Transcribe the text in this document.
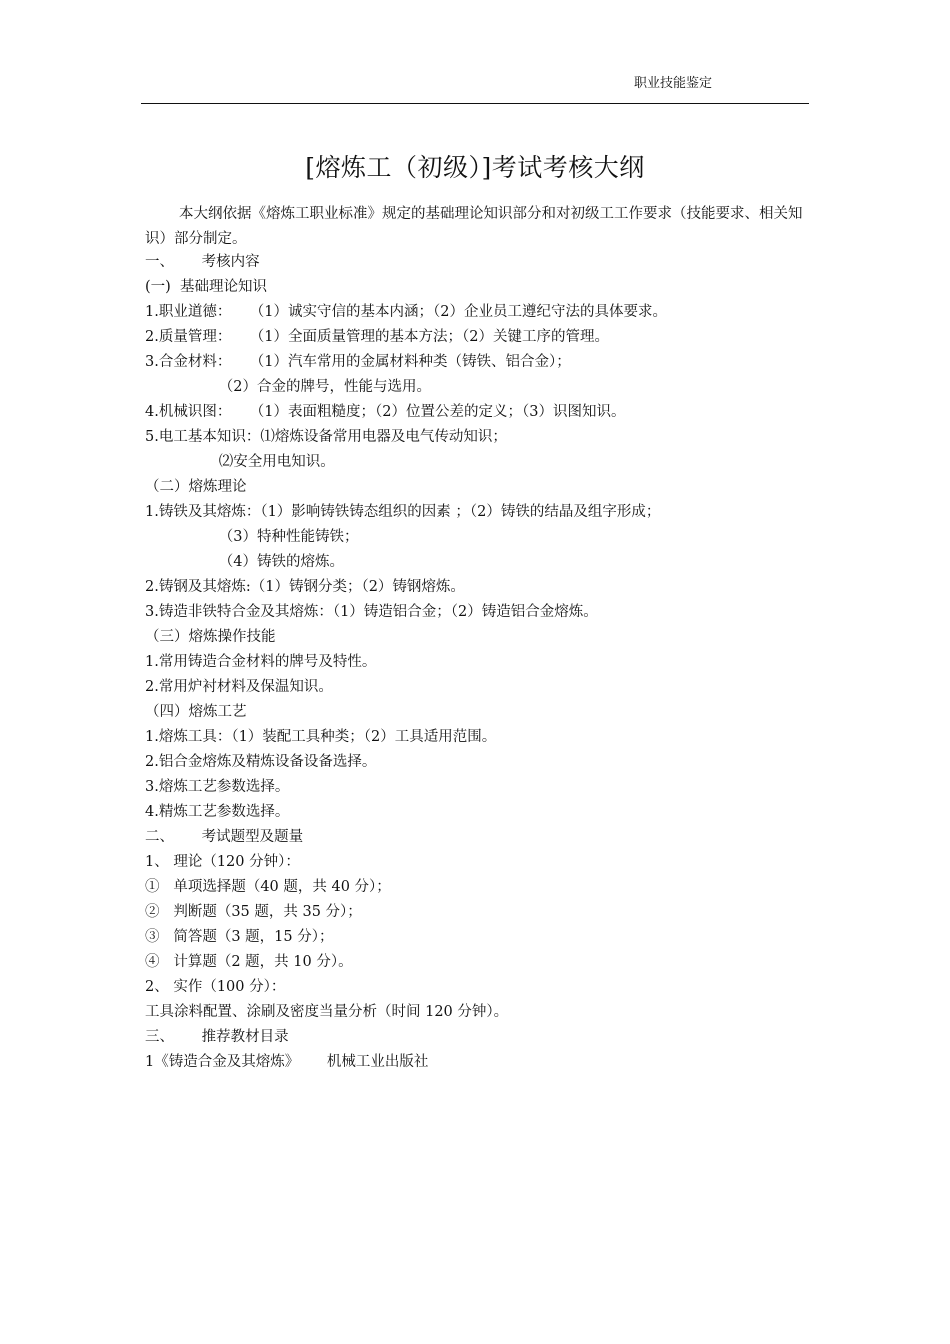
职业技能鉴定
[熔炼工（初级）]考试考核大纲
本大纲依据《熔炼工职业标准》规定的基础理论知识部分和对初级工工作要求（技能要求、相关知识）部分制定。
一、      考核内容
(一)  基础理论知识
1.职业道德：    （1）诚实守信的基本内涵；（2）企业员工遵纪守法的具体要求。
2.质量管理：    （1）全面质量管理的基本方法；（2）关键工序的管理。
3.合金材料：    （1）汽车常用的金属材料种类（铸铁、铝合金）；
（2）合金的牌号，性能与选用。
4.机械识图：    （1）表面粗糙度；（2）位置公差的定义；（3）识图知识。
5.电工基本知识：⑴熔炼设备常用电器及电气传动知识；
⑵安全用电知识。
（二）熔炼理论
1.铸铁及其熔炼：（1）影响铸铁铸态组织的因素 ；（2）铸铁的结晶及组字形成；
（3）特种性能铸铁；
（4）铸铁的熔炼。
2.铸钢及其熔炼:（1）铸钢分类；（2）铸钢熔炼。
3.铸造非铁特合金及其熔炼：（1）铸造铝合金；（2）铸造铝合金熔炼。
（三）熔炼操作技能
1.常用铸造合金材料的牌号及特性。
2.常用炉衬材料及保温知识。
（四）熔炼工艺
1.熔炼工具：（1）装配工具种类；（2）工具适用范围。
2.铝合金熔炼及精炼设备设备选择。
3.熔炼工艺参数选择。
4.精炼工艺参数选择。
二、      考试题型及题量
1、 理论（120 分钟）：
①   单项选择题（40 题，共 40 分）；
②   判断题（35 题，共 35 分）；
③   简答题（3 题，15 分）；
④   计算题（2 题，共 10 分）。
2、 实作（100 分）：
工具涂料配置、涂刷及密度当量分析（时间 120 分钟）。
三、      推荐教材目录
1《铸造合金及其熔炼》      机械工业出版社
